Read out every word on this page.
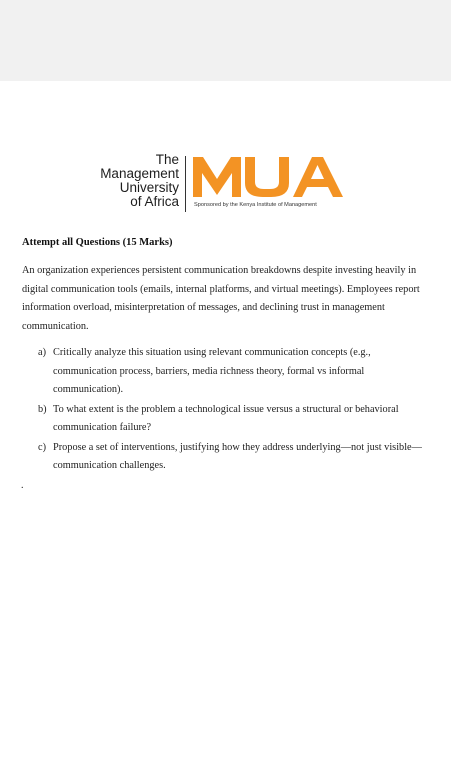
The
Management
University
of Africa	Sponsored by the Kenya Institute of Management
Attempt all Questions (15 Marks)

An organization experiences persistent communication breakdowns despite investing heavily in digital communication tools (emails, internal platforms, and virtual meetings). Employees report information overload, misinterpretation of messages, and declining trust in management communication.

a) Critically analyze this situation using relevant communication concepts (e.g., communication process, barriers, media richness theory, formal vs informal communication).
b) To what extent is the problem a technological issue versus a structural or behavioral communication failure?
c) Propose a set of interventions, justifying how they address underlying—not just visible—communication challenges.
.
